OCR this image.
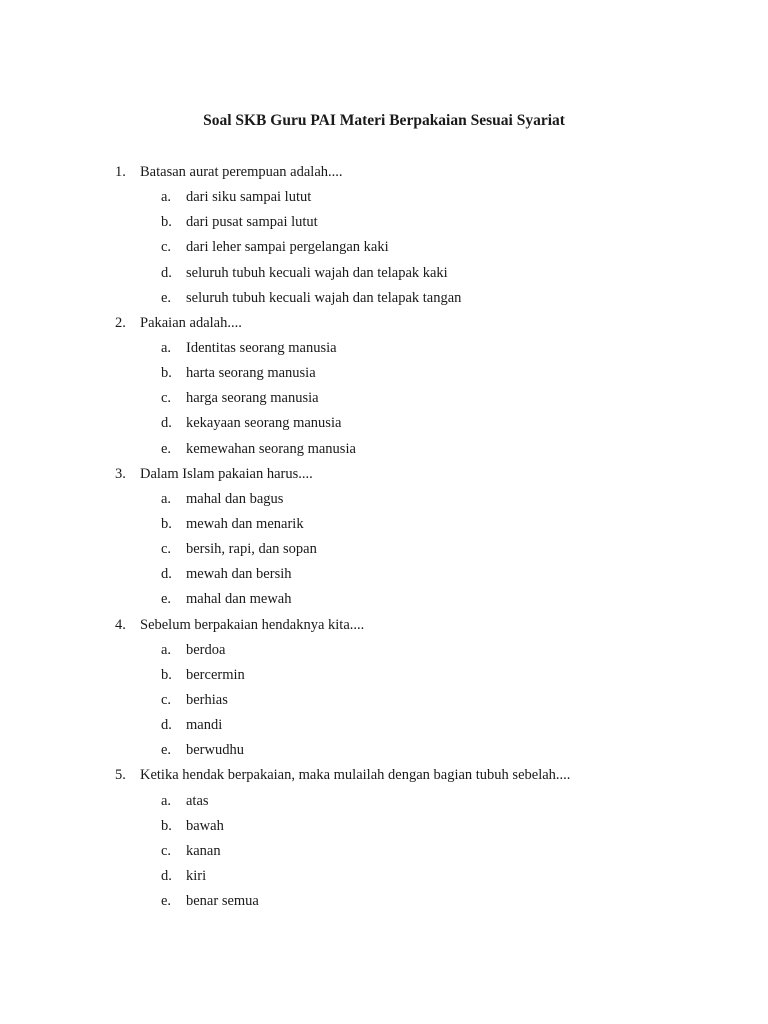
Soal SKB Guru PAI Materi Berpakaian Sesuai Syariat
1. Batasan aurat perempuan adalah....
a.	dari siku sampai lutut
b. dari pusat sampai lutut
c.	dari leher sampai pergelangan kaki
d. seluruh tubuh kecuali wajah dan telapak kaki
e.	seluruh tubuh kecuali wajah dan telapak tangan
2. Pakaian adalah....
a.	Identitas seorang manusia
b. harta seorang manusia
c.	harga seorang manusia
d. kekayaan seorang manusia
e.	kemewahan seorang manusia
3. Dalam Islam pakaian harus....
a.	mahal dan bagus
b. mewah dan menarik
c.	bersih, rapi, dan sopan
d. mewah dan bersih
e.	mahal dan mewah
4. Sebelum berpakaian hendaknya kita....
a.	berdoa
b. bercermin
c.	berhias
d. mandi
e.	berwudhu
5. Ketika hendak berpakaian, maka mulailah dengan bagian tubuh sebelah....
a.	atas
b. bawah
c.	kanan
d. kiri
e.	benar semua
